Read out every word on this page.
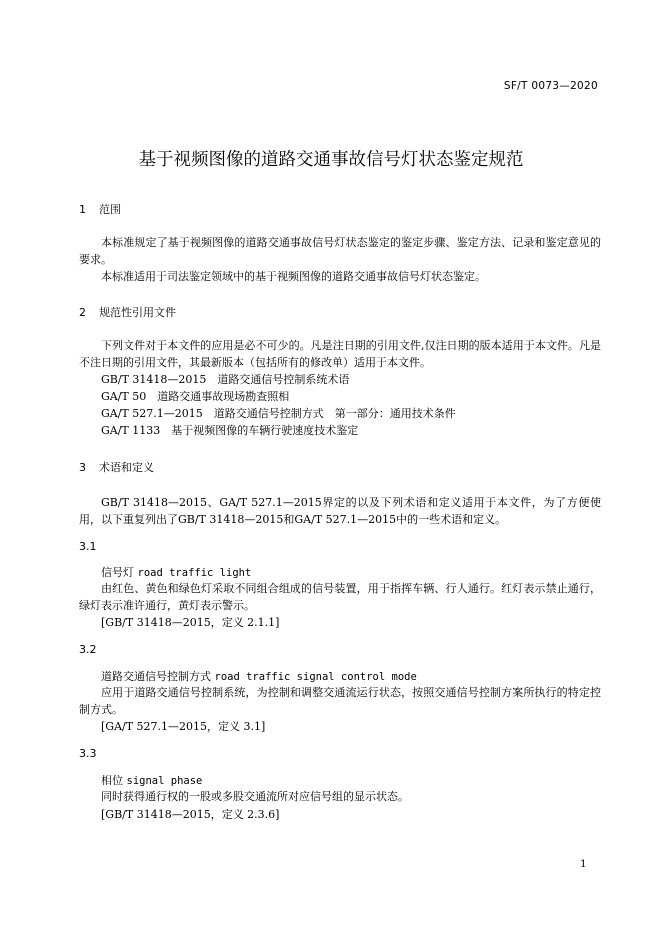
SF/T 0073—2020
基于视频图像的道路交通事故信号灯状态鉴定规范
1 范围
本标准规定了基于视频图像的道路交通事故信号灯状态鉴定的鉴定步骤、鉴定方法、记录和鉴定意见的要求。
本标准适用于司法鉴定领域中的基于视频图像的道路交通事故信号灯状态鉴定。
2 规范性引用文件
下列文件对于本文件的应用是必不可少的。凡是注日期的引用文件,仅注日期的版本适用于本文件。凡是不注日期的引用文件，其最新版本（包括所有的修改单）适用于本文件。
GB/T 31418—2015　道路交通信号控制系统术语
GA/T 50　道路交通事故现场勘查照相
GA/T 527.1—2015　道路交通信号控制方式　第一部分：通用技术条件
GA/T 1133　基于视频图像的车辆行驶速度技术鉴定
3 术语和定义
GB/T 31418—2015、GA/T 527.1—2015界定的以及下列术语和定义适用于本文件，为了方便使用，以下重复列出了GB/T 31418—2015和GA/T 527.1—2015中的一些术语和定义。
3.1
信号灯 road traffic light
由红色、黄色和绿色灯采取不同组合组成的信号装置，用于指挥车辆、行人通行。红灯表示禁止通行，绿灯表示准许通行，黄灯表示警示。
[GB/T 31418—2015，定义 2.1.1]
3.2
道路交通信号控制方式 road traffic signal control mode
应用于道路交通信号控制系统，为控制和调整交通流运行状态，按照交通信号控制方案所执行的特定控制方式。
[GA/T 527.1—2015，定义 3.1]
3.3
相位 signal phase
同时获得通行权的一股或多股交通流所对应信号组的显示状态。
[GB/T 31418—2015，定义 2.3.6]
1
